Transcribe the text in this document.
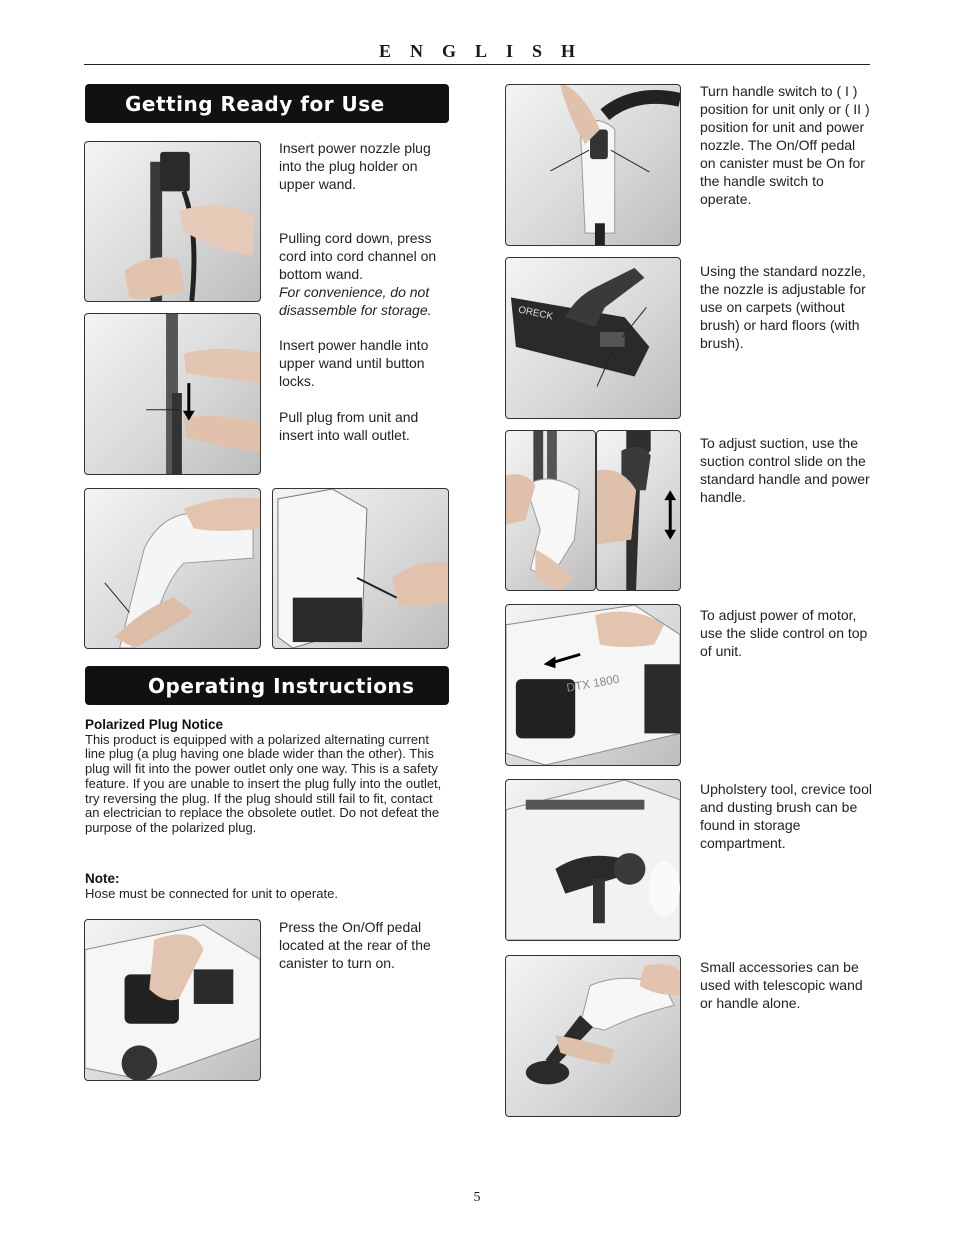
ENGLISH
Getting Ready for Use

Insert power nozzle plug into the plug holder on upper wand.

Pulling cord down, press cord into cord channel on bottom wand.

For convenience, do not disassemble for storage.

Insert power handle into upper wand until button locks.

Pull plug from unit and insert into wall outlet.

Operating Instructions
Polarized Plug Notice
This product is equipped with a polarized alternating current line plug (a plug having one blade wider than the other). This plug will fit into the power outlet only one way. This is a safety feature. If you are unable to insert the plug fully into the outlet, try reversing the plug. If the plug should still fail to fit, contact an electrician to replace the obsolete outlet. Do not defeat the purpose of the polarized plug.
Note:
Hose must be connected for unit to operate.
Press the On/Off pedal located at the rear of the canister to turn on.
Turn handle switch to ( I ) position for unit only or ( II ) position for unit and power nozzle. The On/Off pedal on canister must be On for the handle switch to operate.
ORECK
Using the standard nozzle, the nozzle is adjustable for use on carpets (without brush) or hard floors (with brush).
To adjust suction, use the suction control slide on the standard handle and power handle.
DTX 1800
To adjust power of motor, use the slide control on top of unit.
Upholstery tool, crevice tool and dusting brush can be found in storage compartment.
Small accessories can be used with telescopic wand or handle alone.
5
